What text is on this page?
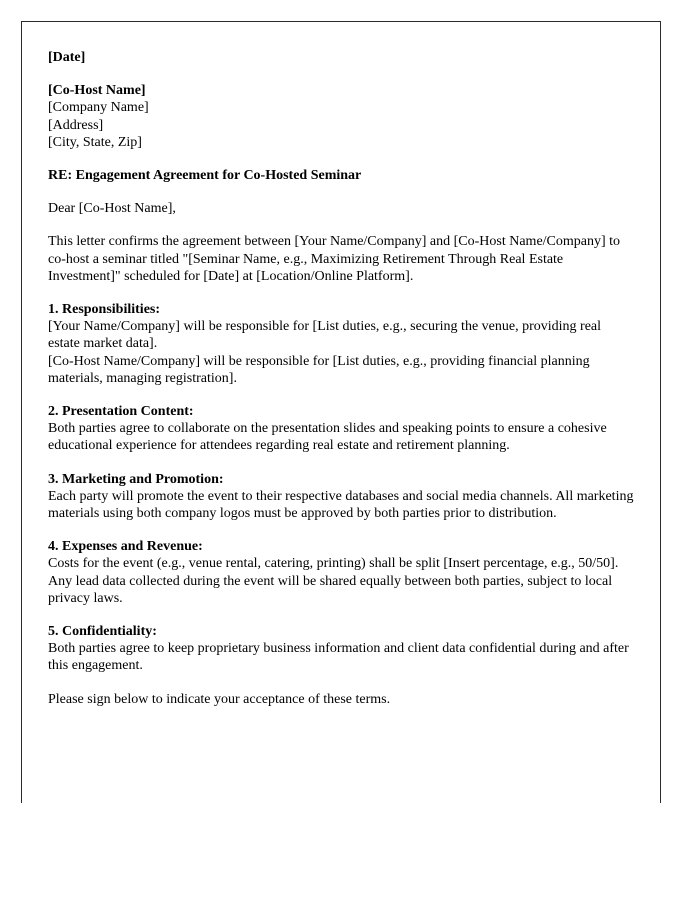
[Date]
[Co-Host Name]
[Company Name]
[Address]
[City, State, Zip]
RE: Engagement Agreement for Co-Hosted Seminar
Dear [Co-Host Name],
This letter confirms the agreement between [Your Name/Company] and [Co-Host Name/Company] to co-host a seminar titled "[Seminar Name, e.g., Maximizing Retirement Through Real Estate Investment]" scheduled for [Date] at [Location/Online Platform].
1. Responsibilities:
[Your Name/Company] will be responsible for [List duties, e.g., securing the venue, providing real estate market data].
[Co-Host Name/Company] will be responsible for [List duties, e.g., providing financial planning materials, managing registration].
2. Presentation Content:
Both parties agree to collaborate on the presentation slides and speaking points to ensure a cohesive educational experience for attendees regarding real estate and retirement planning.
3. Marketing and Promotion:
Each party will promote the event to their respective databases and social media channels. All marketing materials using both company logos must be approved by both parties prior to distribution.
4. Expenses and Revenue:
Costs for the event (e.g., venue rental, catering, printing) shall be split [Insert percentage, e.g., 50/50]. Any lead data collected during the event will be shared equally between both parties, subject to local privacy laws.
5. Confidentiality:
Both parties agree to keep proprietary business information and client data confidential during and after this engagement.
Please sign below to indicate your acceptance of these terms.
